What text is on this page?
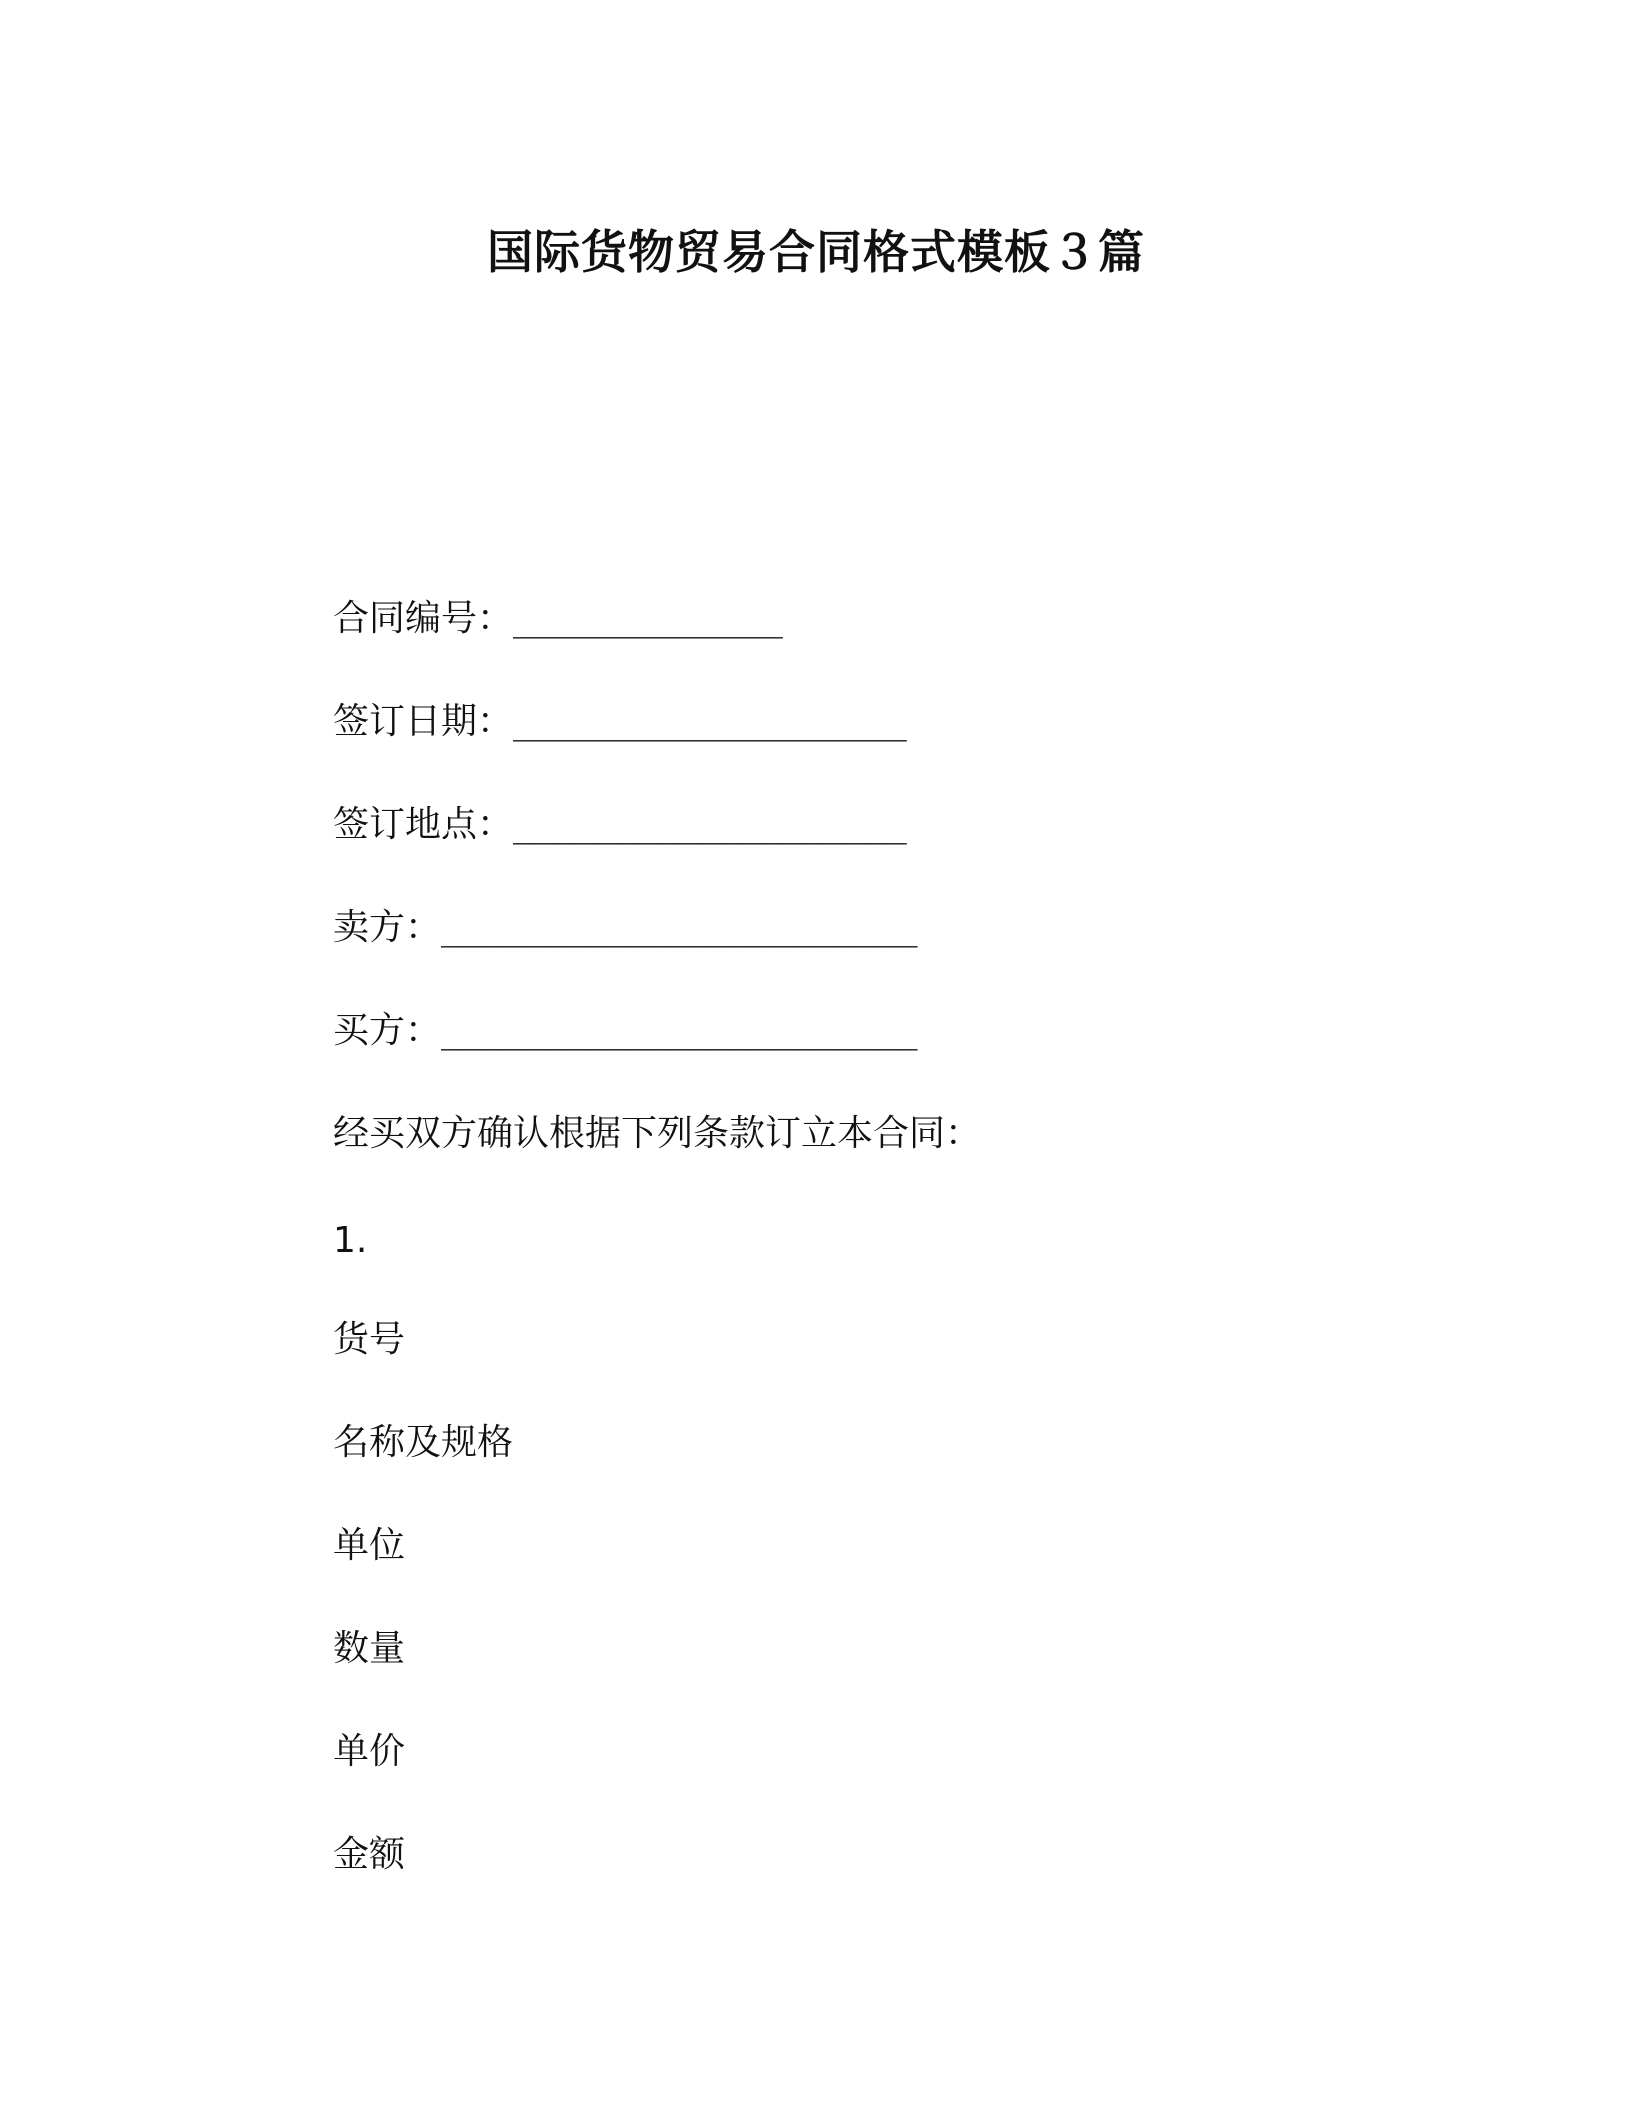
国际货物贸易合同格式模板３篇
合同编号：_____________
签订日期：___________________
签订地点：___________________
卖方：_______________________
买方：_______________________
经买双方确认根据下列条款订立本合同：
1.
货号
名称及规格
单位
数量
单价
金额
